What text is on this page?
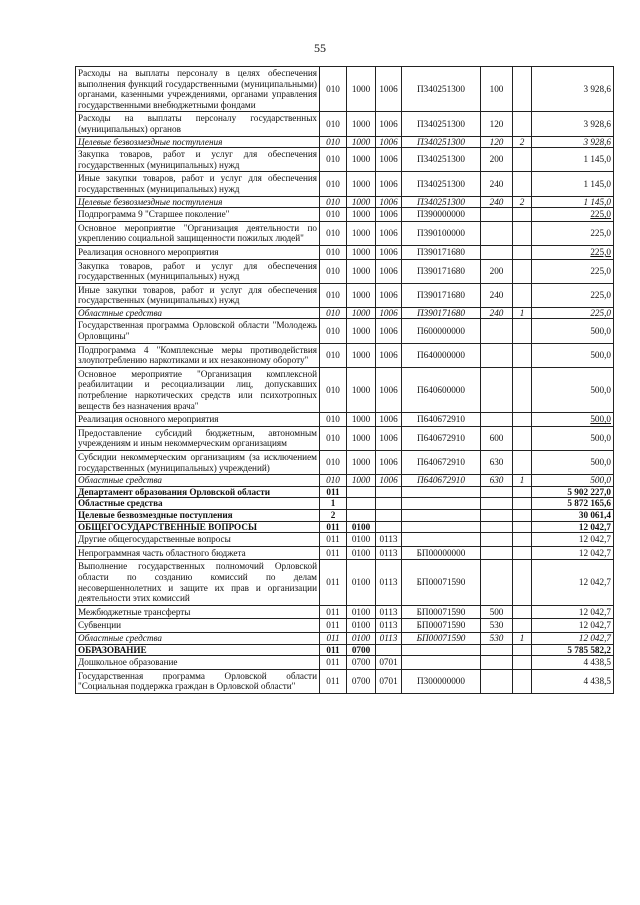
55
Расходы на выплаты персоналу в целях обеспечения выполнения функций государственными (муниципальными) органами, казенными учреждениями, органами управления государственными внебюджетными фондами	010	1000	1006	П340251300	100		3 928,6
Расходы на выплаты персоналу государственных (муниципальных) органов	010	1000	1006	П340251300	120		3 928,6
Целевые безвозмездные поступления	010	1000	1006	П340251300	120	2	3 928,6
Закупка товаров, работ и услуг для обеспечения государственных (муниципальных) нужд	010	1000	1006	П340251300	200		1 145,0
Иные закупки товаров, работ и услуг для обеспечения государственных (муниципальных) нужд	010	1000	1006	П340251300	240		1 145,0
Целевые безвозмездные поступления	010	1000	1006	П340251300	240	2	1 145,0
Подпрограмма 9 "Старшее поколение"	010	1000	1006	П390000000			225,0
Основное мероприятие "Организация деятельности по укреплению социальной защищенности пожилых людей"	010	1000	1006	П390100000			225,0
Реализация основного мероприятия	010	1000	1006	П390171680			225,0
Закупка товаров, работ и услуг для обеспечения государственных (муниципальных) нужд	010	1000	1006	П390171680	200		225,0
Иные закупки товаров, работ и услуг для обеспечения государственных (муниципальных) нужд	010	1000	1006	П390171680	240		225,0
Областные средства	010	1000	1006	П390171680	240	1	225,0
Государственная программа Орловской области "Молодежь Орловщины"	010	1000	1006	П600000000			500,0
Подпрограмма 4 "Комплексные меры противодействия злоупотреблению наркотиками и их незаконному обороту"	010	1000	1006	П640000000			500,0
Основное мероприятие "Организация комплексной реабилитации и ресоциализации лиц, допускавших потребление наркотических средств или психотропных веществ без назначения врача"	010	1000	1006	П640600000			500,0
Реализация основного мероприятия	010	1000	1006	П640672910			500,0
Предоставление субсидий бюджетным, автономным учреждениям и иным некоммерческим организациям	010	1000	1006	П640672910	600		500,0
Субсидии некоммерческим организациям (за исключением государственных (муниципальных) учреждений)	010	1000	1006	П640672910	630		500,0
Областные средства	010	1000	1006	П640672910	630	1	500,0
Департамент образования Орловской области	011						5 902 227,0
Областные средства	1						5 872 165,6
Целевые безвозмездные поступления	2						30 061,4
ОБЩЕГОСУДАРСТВЕННЫЕ ВОПРОСЫ	011	0100					12 042,7
Другие общегосударственные вопросы	011	0100	0113				12 042,7
Непрограммная часть областного бюджета	011	0100	0113	БП00000000			12 042,7
Выполнение государственных полномочий Орловской области по созданию комиссий по делам несовершеннолетних и защите их прав и организации деятельности этих комиссий	011	0100	0113	БП00071590			12 042,7
Межбюджетные трансферты	011	0100	0113	БП00071590	500		12 042,7
Субвенции	011	0100	0113	БП00071590	530		12 042,7
Областные средства	011	0100	0113	БП00071590	530	1	12 042,7
ОБРАЗОВАНИЕ	011	0700					5 785 582,2
Дошкольное образование	011	0700	0701				4 438,5
Государственная программа Орловской области "Социальная поддержка граждан в Орловской области"	011	0700	0701	П300000000			4 438,5
